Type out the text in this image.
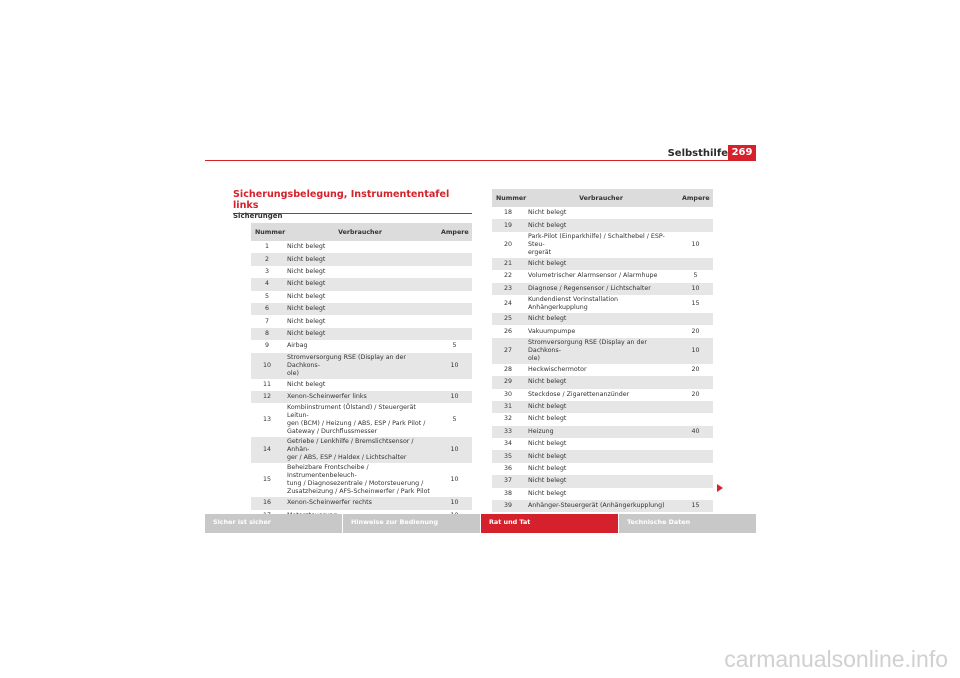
Selbsthilfe 269
Sicherungsbelegung, Instrumententafel links
Sicherungen
Nummer	Verbraucher	Ampere
1	Nicht belegt	
2	Nicht belegt	
3	Nicht belegt	
4	Nicht belegt	
5	Nicht belegt	
6	Nicht belegt	
7	Nicht belegt	
8	Nicht belegt	
9	Airbag	5
10	Stromversorgung RSE (Display an der Dachkons-
ole)	10
11	Nicht belegt	
12	Xenon-Scheinwerfer links	10
13	Kombiinstrument (Ölstand) / Steuergerät Leitun-
gen (BCM) / Heizung / ABS, ESP / Park Pilot /
Gateway / Durchflussmesser	5
14	Getriebe / Lenkhilfe / Bremslichtsensor / Anhän-
ger / ABS, ESP / Haldex / Lichtschalter	10
15	Beheizbare Frontscheibe / Instrumentenbeleuch-
tung / Diagnosezentrale / Motorsteuerung /
Zusatzheizung / AFS-Scheinwerfer / Park Pilot	10
16	Xenon-Scheinwerfer rechts	10

Nummer	Verbraucher	Ampere
18	Nicht belegt	
19	Nicht belegt	
20	Park-Pilot (Einparkhilfe) / Schalthebel / ESP-Steu-
ergerät	10
21	Nicht belegt	
22	Volumetrischer Alarmsensor / Alarmhupe	5
23	Diagnose / Regensensor / Lichtschalter	10
24	Kundendienst Vorinstallation Anhängerkupplung	15
25	Nicht belegt	
26	Vakuumpumpe	20
27	Stromversorgung RSE (Display an der Dachkons-
ole)	10
28	Heckwischermotor	20
29	Nicht belegt	
30	Steckdose / Zigarettenanzünder	20
31	Nicht belegt	
32	Nicht belegt	
33	Heizung	40
34	Nicht belegt	
35	Nicht belegt	
36	Nicht belegt	
37	Nicht belegt	
38	Nicht belegt	
39	Anhänger-Steuergerät (Anhängerkupplung)	15
Sicher ist sicher	Hinweise zur Bedienung	Rat und Tat	Technische Daten
carmanualsonline.info
